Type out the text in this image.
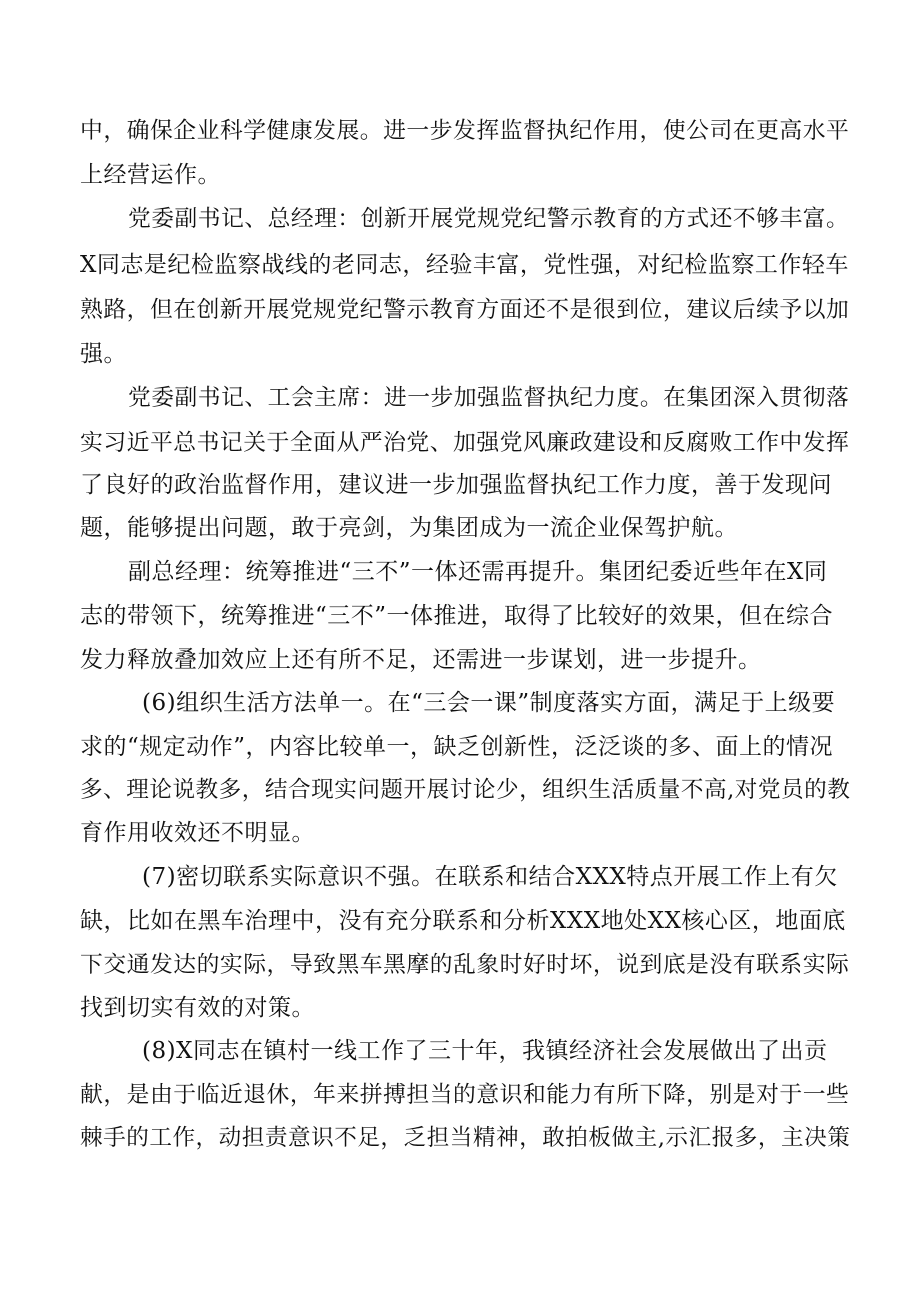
中，确保企业科学健康发展。进一步发挥监督执纪作用，使公司在更高水平

上经营运作。

党委副书记、总经理：创新开展党规党纪警示教育的方式还不够丰富。

X同志是纪检监察战线的老同志，经验丰富，党性强，对纪检监察工作轻车

熟路，但在创新开展党规党纪警示教育方面还不是很到位，建议后续予以加

强。

党委副书记、工会主席：进一步加强监督执纪力度。在集团深入贯彻落

实习近平总书记关于全面从严治党、加强党风廉政建设和反腐败工作中发挥

了良好的政治监督作用，建议进一步加强监督执纪工作力度，善于发现问

题，能够提出问题，敢于亮剑，为集团成为一流企业保驾护航。

副总经理：统筹推进“三不”一体还需再提升。集团纪委近些年在X同

志的带领下，统筹推进“三不”一体推进，取得了比较好的效果，但在综合

发力释放叠加效应上还有所不足，还需进一步谋划，进一步提升。

(6)组织生活方法单一。在“三会一课”制度落实方面，满足于上级要

求的“规定动作”，内容比较单一，缺乏创新性，泛泛谈的多、面上的情况

多、理论说教多，结合现实问题开展讨论少，组织生活质量不高,对党员的教

育作用收效还不明显。

(7)密切联系实际意识不强。在联系和结合XXX特点开展工作上有欠

缺，比如在黑车治理中，没有充分联系和分析XXX地处XX核心区，地面底

下交通发达的实际，导致黑车黑摩的乱象时好时坏，说到底是没有联系实际

找到切实有效的对策。

(8)X同志在镇村一线工作了三十年，我镇经济社会发展做出了出贡

献，是由于临近退休，年来拼搏担当的意识和能力有所下降，别是对于一些

棘手的工作，动担责意识不足，乏担当精神，敢拍板做主,示汇报多，主决策
